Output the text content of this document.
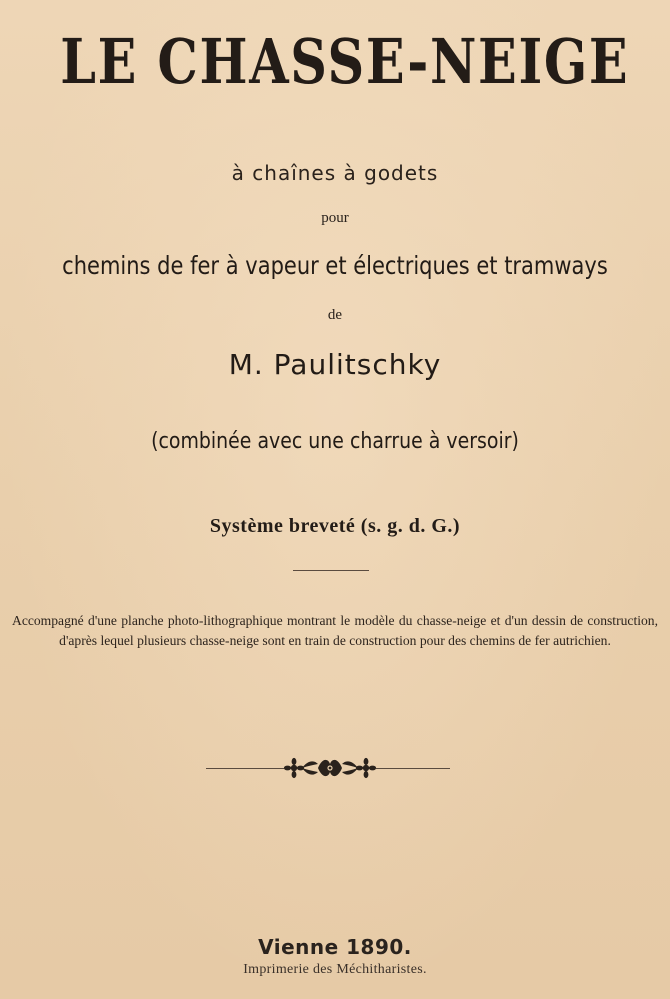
LE CHASSE-NEIGE

à chaînes à godets

pour

chemins de fer à vapeur et électriques et tramways

de

M. Paulitschky

(combinée avec une charrue à versoir)

Système breveté (s. g. d. G.)

Accompagné d'une planche photo-lithographique montrant le modèle du chasse-neige et d'un dessin de construction, d'après lequel plusieurs chasse-neige sont en train de construction pour des chemins de fer autrichien.

Vienne 1890.

Imprimerie des Méchitharistes.
